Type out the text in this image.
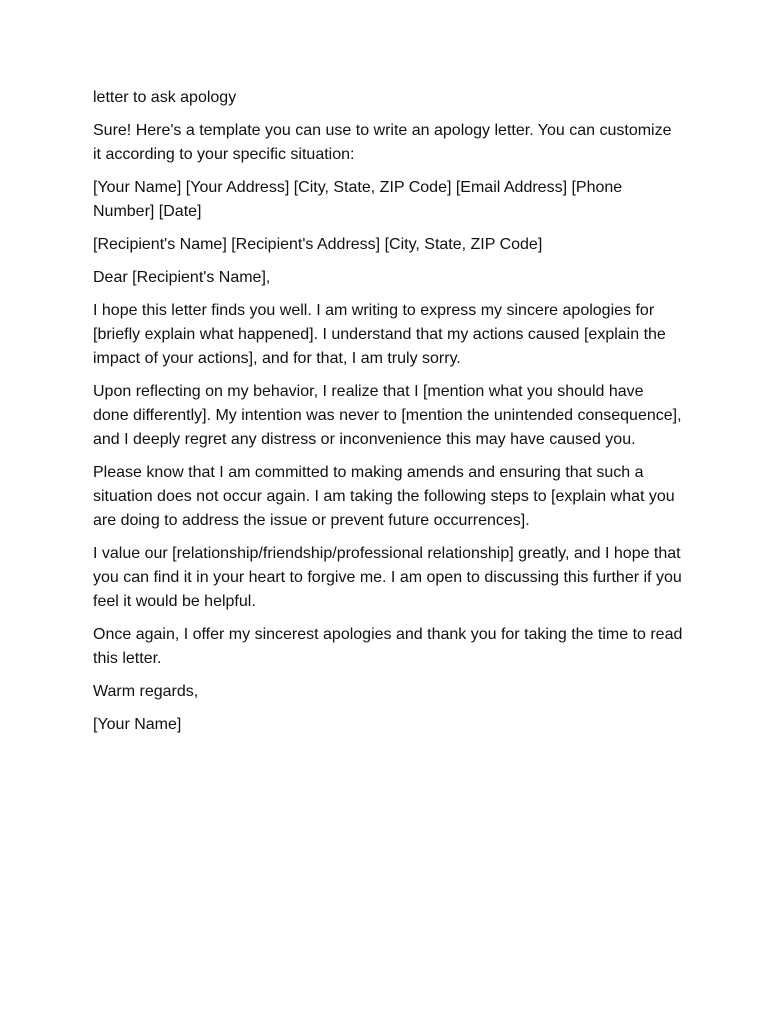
letter to ask apology

Sure! Here's a template you can use to write an apology letter. You can customize it according to your specific situation:

[Your Name] [Your Address] [City, State, ZIP Code] [Email Address] [Phone Number] [Date]

[Recipient's Name] [Recipient's Address] [City, State, ZIP Code]

Dear [Recipient's Name],

I hope this letter finds you well. I am writing to express my sincere apologies for [briefly explain what happened]. I understand that my actions caused [explain the impact of your actions], and for that, I am truly sorry.

Upon reflecting on my behavior, I realize that I [mention what you should have done differently]. My intention was never to [mention the unintended consequence], and I deeply regret any distress or inconvenience this may have caused you.

Please know that I am committed to making amends and ensuring that such a situation does not occur again. I am taking the following steps to [explain what you are doing to address the issue or prevent future occurrences].

I value our [relationship/friendship/professional relationship] greatly, and I hope that you can find it in your heart to forgive me. I am open to discussing this further if you feel it would be helpful.

Once again, I offer my sincerest apologies and thank you for taking the time to read this letter.

Warm regards,

[Your Name]
